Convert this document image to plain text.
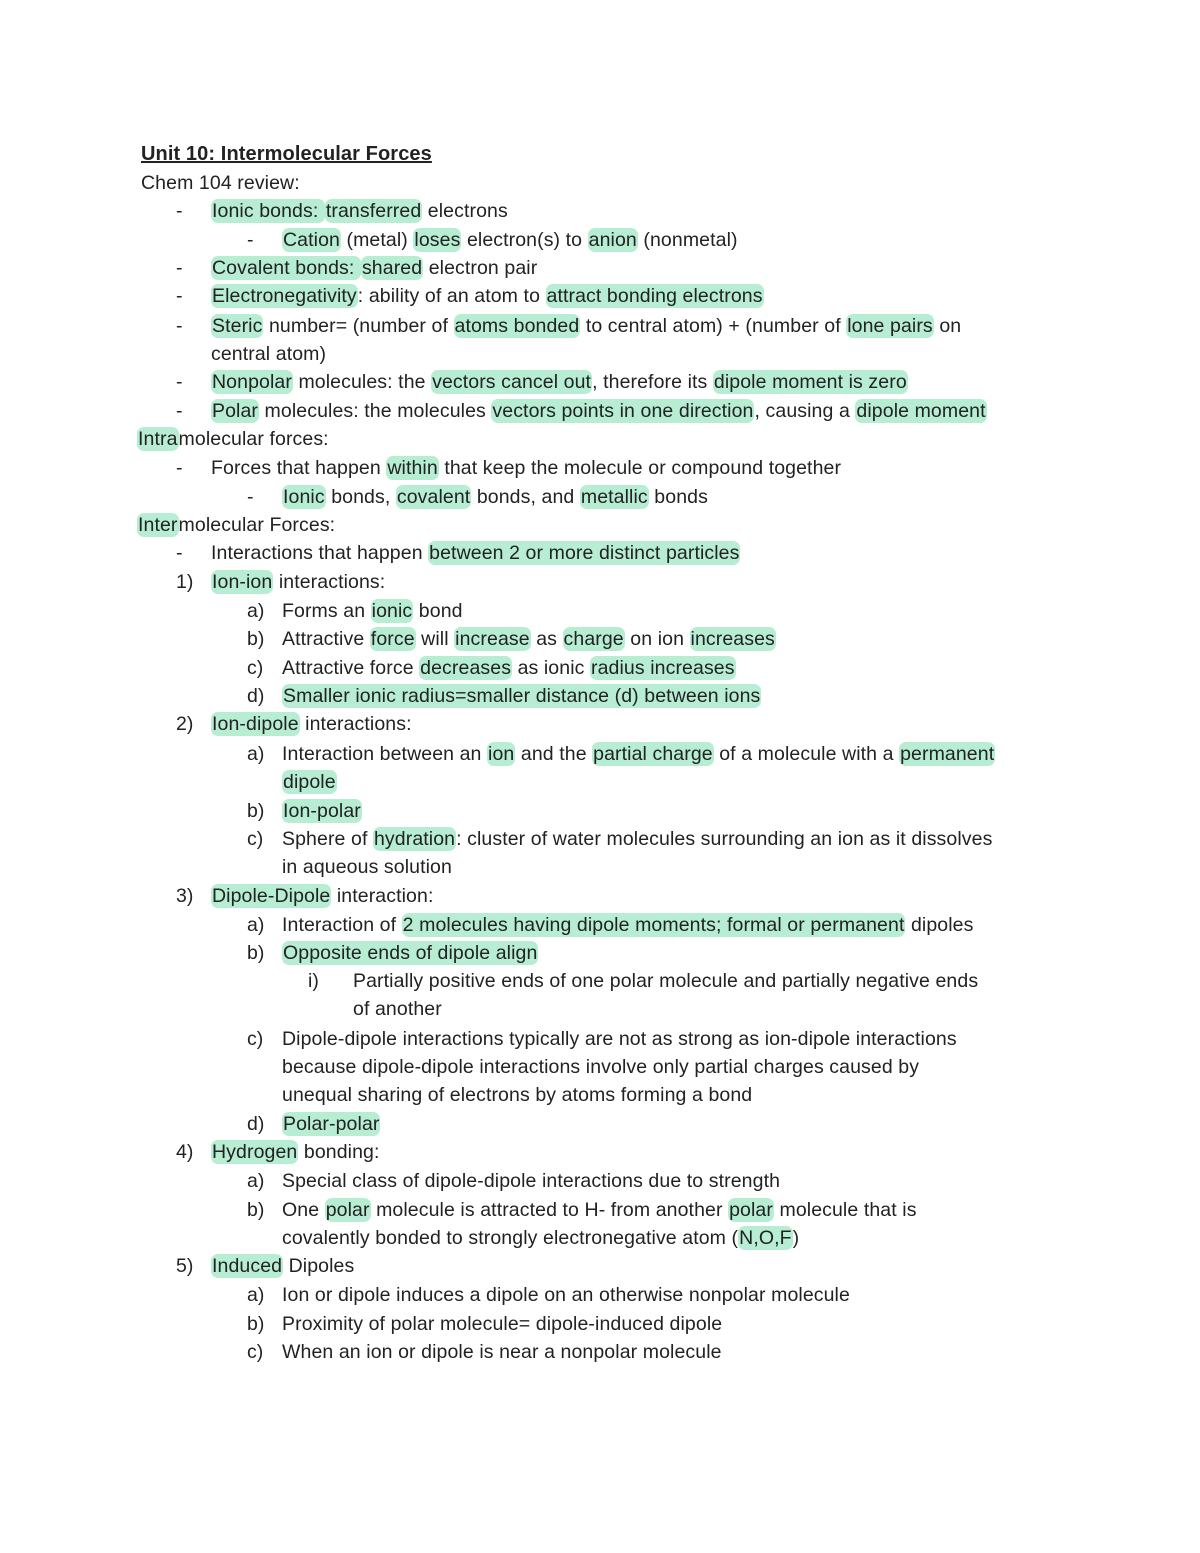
Unit 10: Intermolecular Forces
Chem 104 review:
- Ionic bonds: transferred electrons
- Cation (metal) loses electron(s) to anion (nonmetal)
- Covalent bonds: shared electron pair
- Electronegativity: ability of an atom to attract bonding electrons
- Steric number= (number of atoms bonded to central atom) + (number of lone pairs on
central atom)
- Nonpolar molecules: the vectors cancel out, therefore its dipole moment is zero
- Polar molecules: the molecules vectors points in one direction, causing a dipole moment
Intramolecular forces:
- Forces that happen within that keep the molecule or compound together
- Ionic bonds, covalent bonds, and metallic bonds
Intermolecular Forces:
- Interactions that happen between 2 or more distinct particles
1) Ion-ion interactions:
a) Forms an ionic bond
b) Attractive force will increase as charge on ion increases
c) Attractive force decreases as ionic radius increases
d) Smaller ionic radius=smaller distance (d) between ions
2) Ion-dipole interactions:
a) Interaction between an ion and the partial charge of a molecule with a permanent
dipole
b) Ion-polar
c) Sphere of hydration: cluster of water molecules surrounding an ion as it dissolves
in aqueous solution
3) Dipole-Dipole interaction:
a) Interaction of 2 molecules having dipole moments; formal or permanent dipoles
b) Opposite ends of dipole align
i) Partially positive ends of one polar molecule and partially negative ends
of another
c) Dipole-dipole interactions typically are not as strong as ion-dipole interactions
because dipole-dipole interactions involve only partial charges caused by
unequal sharing of electrons by atoms forming a bond
d) Polar-polar
4) Hydrogen bonding:
a) Special class of dipole-dipole interactions due to strength
b) One polar molecule is attracted to H- from another polar molecule that is
covalently bonded to strongly electronegative atom (N,O,F)
5) Induced Dipoles
a) Ion or dipole induces a dipole on an otherwise nonpolar molecule
b) Proximity of polar molecule= dipole-induced dipole
c) When an ion or dipole is near a nonpolar molecule
